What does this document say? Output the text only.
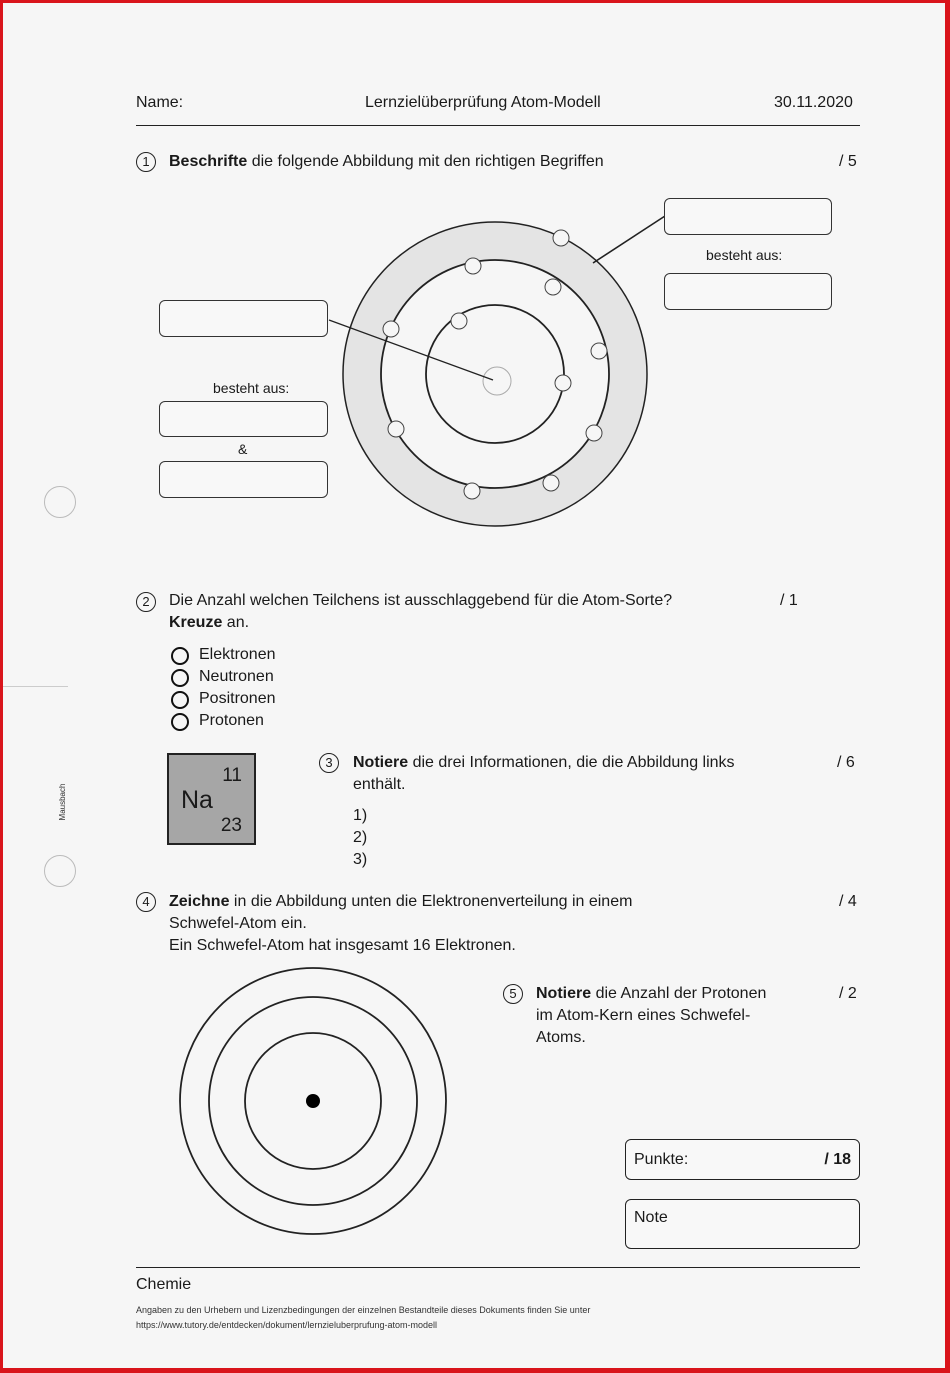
Mausbach
Name:	Lernzielüberprüfung Atom-Modell	30.11.2020
1	Beschrifte die folgende Abbildung mit den richtigen Begriffen	/ 5
besteht aus:
besteht aus:
&
2	Die Anzahl welchen Teilchens ist ausschlaggebend für die Atom-Sorte?	/ 1
Kreuze an.
Elektronen
Neutronen
Positronen
Protonen
11
Na
23
3	Notiere die drei Informationen, die die Abbildung links
enthält.
/ 6
1)
2)
3)
4	Zeichne in die Abbildung unten die Elektronenverteilung in einem
Schwefel-Atom ein.
Ein Schwefel-Atom hat insgesamt 16 Elektronen.
/ 4
5	Notiere die Anzahl der Protonen
im Atom-Kern eines Schwefel-
Atoms.
/ 2
Punkte:	/ 18
Note
Chemie
Angaben zu den Urhebern und Lizenzbedingungen der einzelnen Bestandteile dieses Dokuments finden Sie unter
https://www.tutory.de/entdecken/dokument/lernzieluberprufung-atom-modell
